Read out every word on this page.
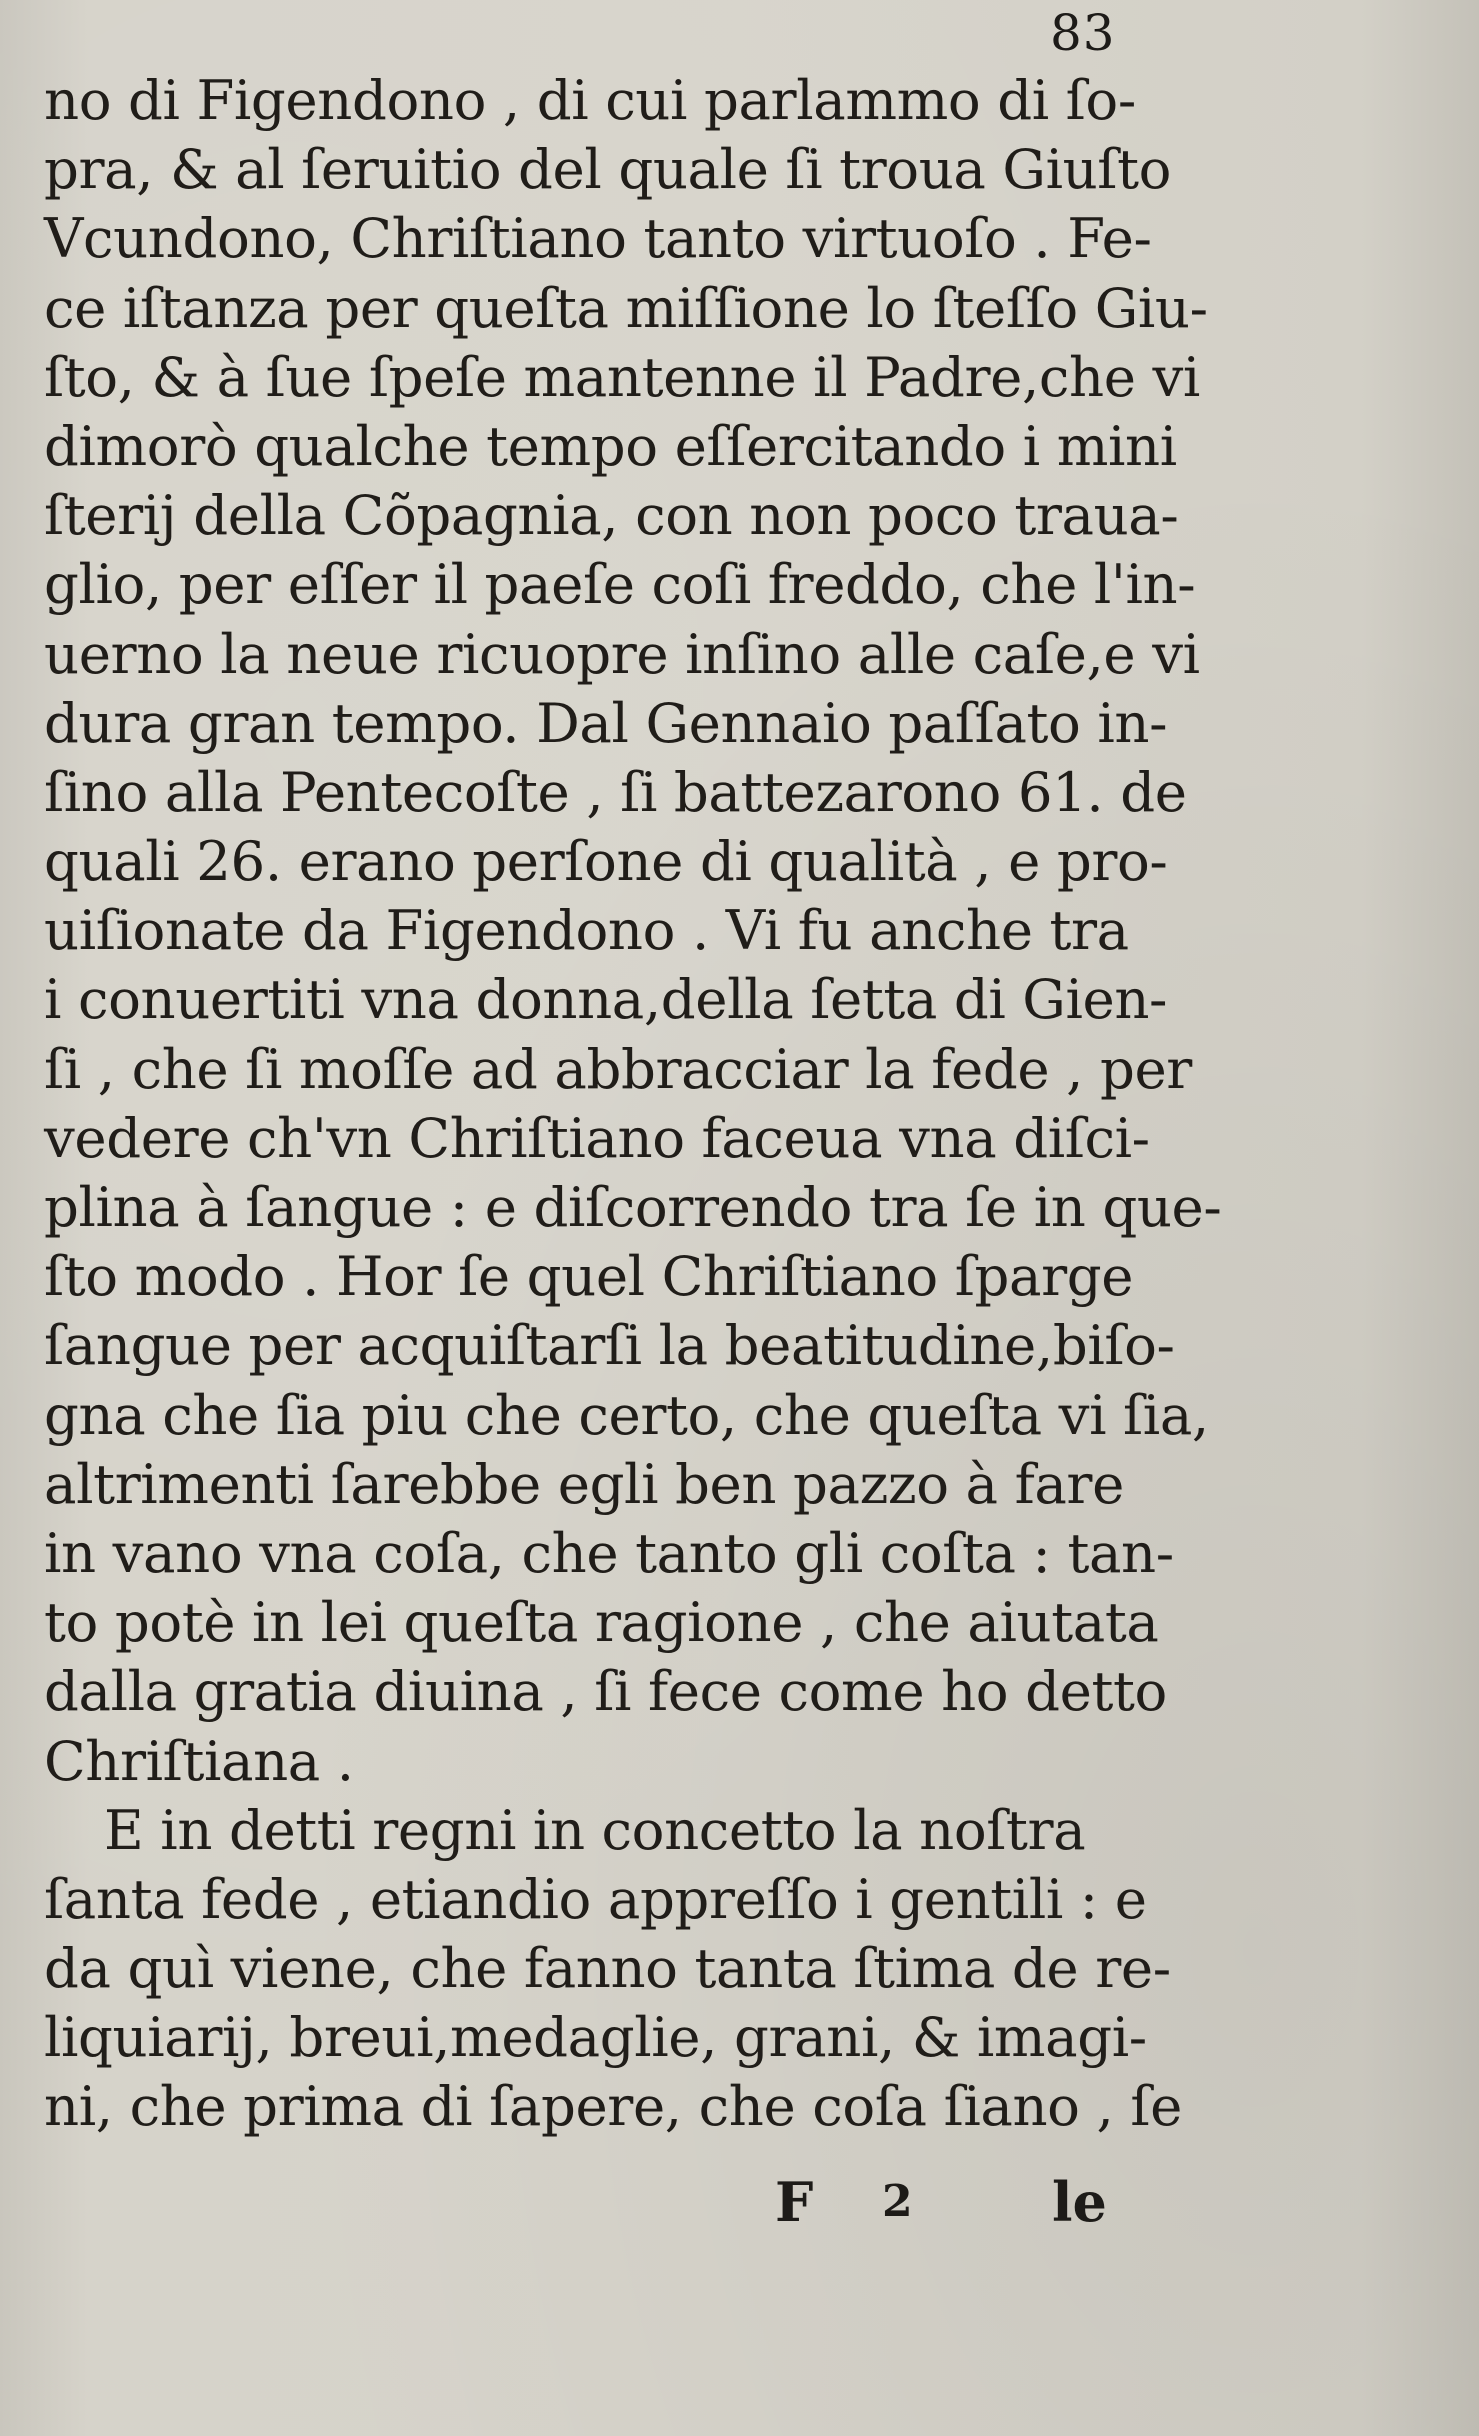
83
no di Figendono , di cui parlammo di ſo-
pra, & al ſeruitio del quale ſi troua Giuſto
Vcundono, Chriſtiano tanto virtuoſo . Fe-
ce iſtanza per queſta miſſione lo ſteſſo Giu-
ſto, & à ſue ſpeſe mantenne il Padre,che vi
dimorò qualche tempo eſſercitando i mini
ſterij della Cõpagnia, con non poco traua-
glio, per eſſer il paeſe coſi freddo, che l'in-
uerno la neue ricuopre inſino alle caſe,e vi
dura gran tempo. Dal Gennaio paſſato in-
ſino alla Pentecoſte , ſi battezarono 61. de
quali 26. erano perſone di qualità , e pro-
uiſionate da Figendono . Vi fu anche tra
i conuertiti vna donna,della ſetta di Gien-
ſi , che ſi moſſe ad abbracciar la fede , per
vedere ch'vn Chriſtiano faceua vna diſci-
plina à ſangue : e diſcorrendo tra ſe in que-
ſto modo . Hor ſe quel Chriſtiano ſparge
ſangue per acquiſtarſi la beatitudine,biſo-
gna che ſia piu che certo, che queſta vi ſia,
altrimenti ſarebbe egli ben pazzo à fare
in vano vna coſa, che tanto gli coſta : tan-
to potè in lei queſta ragione , che aiutata
dalla gratia diuina , ſi fece come ho detto
Chriſtiana .
E in detti regni in concetto la noſtra
ſanta fede , etiandio appreſſo i gentili : e
da quì viene, che fanno tanta ſtima de re-
liquiarij, breui,medaglie, grani, & imagi-
ni, che prima di ſapere, che coſa ſiano , ſe
F 2	le
